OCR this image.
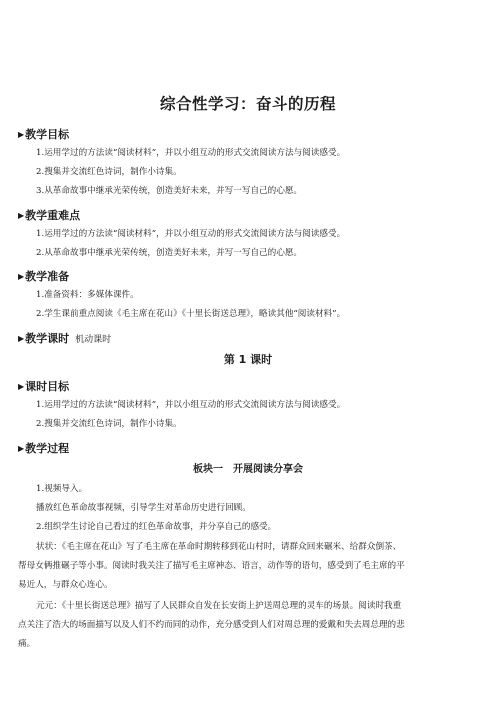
综合性学习：奋斗的历程
▶教学目标
1.运用学过的方法读“阅读材料”，并以小组互动的形式交流阅读方法与阅读感受。
2.搜集并交流红色诗词，制作小诗集。
3.从革命故事中继承光荣传统，创造美好未来，并写一写自己的心愿。
▶教学重难点
1.运用学过的方法读“阅读材料”，并以小组互动的形式交流阅读方法与阅读感受。
2.从革命故事中继承光荣传统，创造美好未来，并写一写自己的心愿。
▶教学准备
1.准备资料：多媒体课件。
2.学生课前重点阅读《毛主席在花山》《十里长街送总理》，略读其他“阅读材料”。
▶教学课时 机动课时
第 1 课时
▶课时目标
1.运用学过的方法读“阅读材料”，并以小组互动的形式交流阅读方法与阅读感受。
2.搜集并交流红色诗词，制作小诗集。
▶教学过程
板块一　开展阅读分享会
1.视频导入。
播放红色革命故事视频，引导学生对革命历史进行回顾。
2.组织学生讨论自己看过的红色革命故事，并分享自己的感受。
状状：《毛主席在花山》写了毛主席在革命时期转移到花山村时，请群众回来碾米、给群众倒茶、
帮母女俩推碾子等小事。阅读时我关注了描写毛主席神态、语言，动作等的语句，感受到了毛主席的平
易近人，与群众心连心。
元元：《十里长街送总理》描写了人民群众自发在长安街上护送周总理的灵车的场景。阅读时我重
点关注了浩大的场面描写以及人们不约而同的动作，充分感受到人们对周总理的爱戴和失去周总理的悲
痛。
